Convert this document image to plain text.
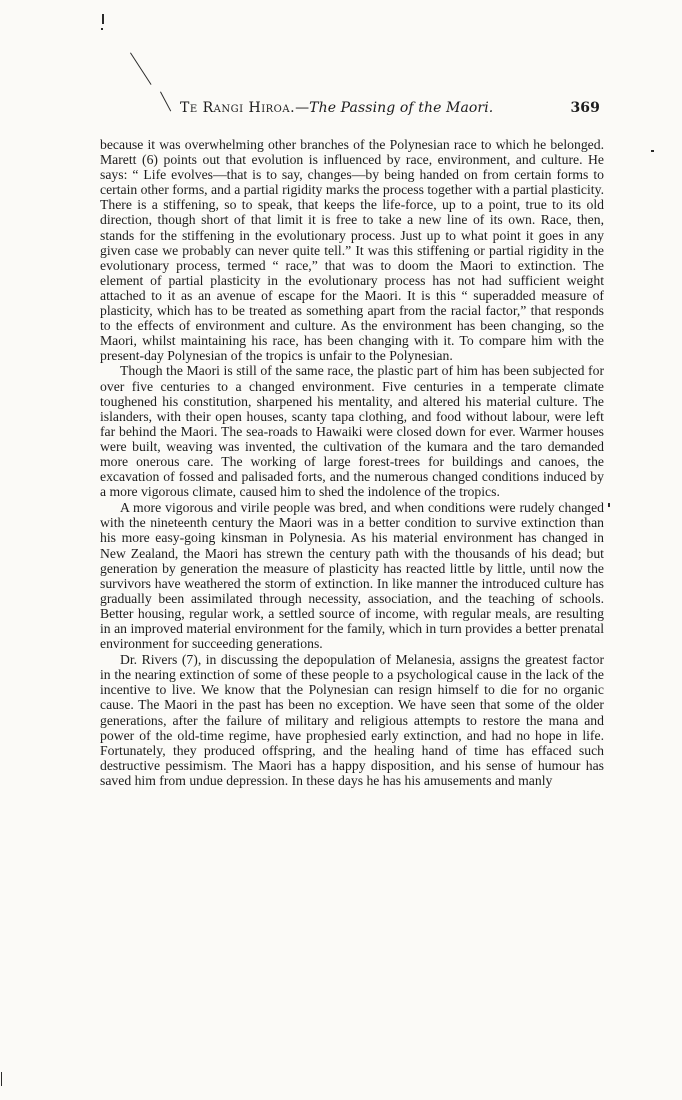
Te Rangi Hiroa.—The Passing of the Maori.	369

because it was overwhelming other branches of the Polynesian race to which he belonged. Marett (6) points out that evolution is influenced by race, environment, and culture. He says: “ Life evolves—that is to say, changes—by being handed on from certain forms to certain other forms, and a partial rigidity marks the process together with a partial plasticity. There is a stiffening, so to speak, that keeps the life-force, up to a point, true to its old direction, though short of that limit it is free to take a new line of its own. Race, then, stands for the stiffening in the evolutionary process. Just up to what point it goes in any given case we probably can never quite tell.” It was this stiffening or partial rigidity in the evolutionary process, termed “ race,” that was to doom the Maori to extinction. The element of partial plasticity in the evolutionary process has not had sufficient weight attached to it as an avenue of escape for the Maori. It is this “ superadded measure of plasticity, which has to be treated as something apart from the racial factor,” that responds to the effects of environment and culture. As the environment has been changing, so the Maori, whilst maintaining his race, has been changing with it. To compare him with the present-day Polynesian of the tropics is unfair to the Polynesian.

Though the Maori is still of the same race, the plastic part of him has been subjected for over five centuries to a changed environment. Five centuries in a temperate climate toughened his constitution, sharpened his mentality, and altered his material culture. The islanders, with their open houses, scanty tapa clothing, and food without labour, were left far behind the Maori. The sea-roads to Hawaiki were closed down for ever. Warmer houses were built, weaving was invented, the cultivation of the kumara and the taro demanded more onerous care. The working of large forest-trees for buildings and canoes, the excavation of fossed and palisaded forts, and the numerous changed conditions induced by a more vigorous climate, caused him to shed the indolence of the tropics.

A more vigorous and virile people was bred, and when conditions were rudely changed with the nineteenth century the Maori was in a better condition to survive extinction than his more easy-going kinsman in Polynesia. As his material environment has changed in New Zealand, the Maori has strewn the century path with the thousands of his dead; but generation by generation the measure of plasticity has reacted little by little, until now the survivors have weathered the storm of extinction. In like manner the introduced culture has gradually been assimilated through necessity, association, and the teaching of schools. Better housing, regular work, a settled source of income, with regular meals, are resulting in an improved material environment for the family, which in turn provides a better prenatal environment for succeeding generations.

Dr. Rivers (7), in discussing the depopulation of Melanesia, assigns the greatest factor in the nearing extinction of some of these people to a psychological cause in the lack of the incentive to live. We know that the Polynesian can resign himself to die for no organic cause. The Maori in the past has been no exception. We have seen that some of the older generations, after the failure of military and religious attempts to restore the mana and power of the old-time regime, have prophesied early extinction, and had no hope in life. Fortunately, they produced offspring, and the healing hand of time has effaced such destructive pessimism. The Maori has a happy disposition, and his sense of humour has saved him from undue depression. In these days he has his amusements and manly
